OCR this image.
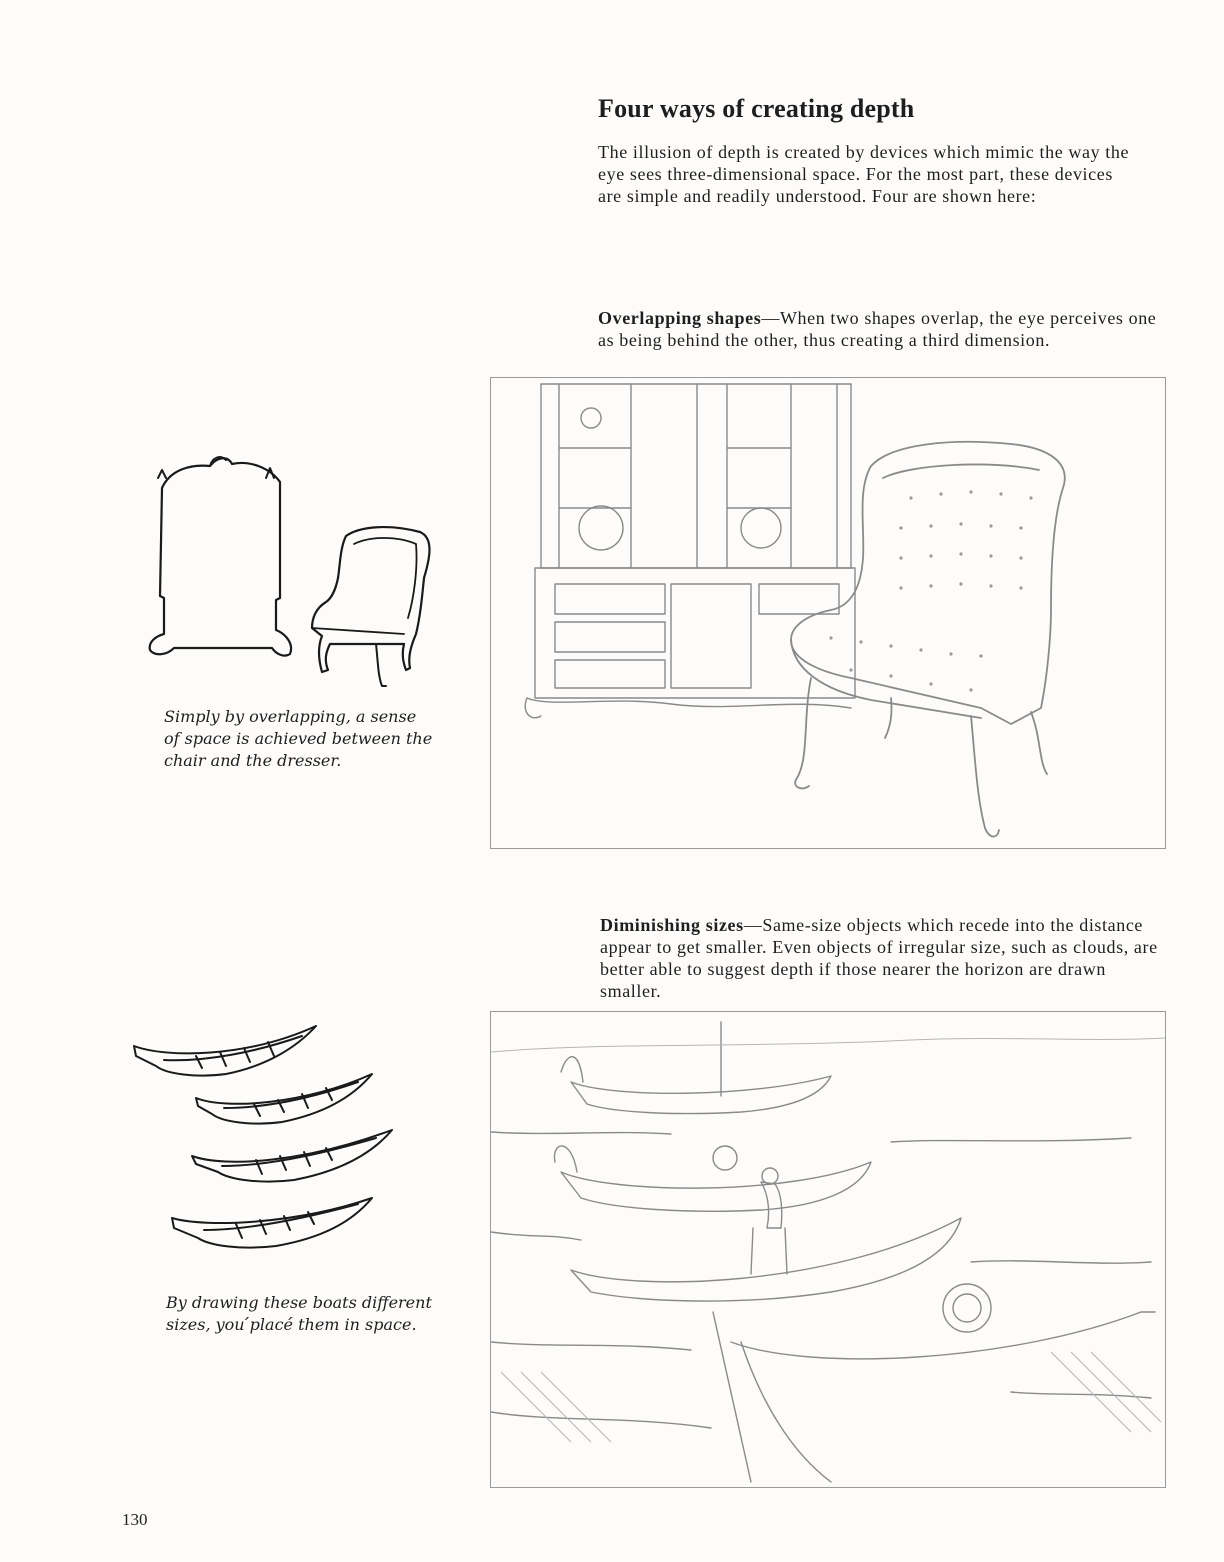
Four ways of creating depth

The illusion of depth is created by devices which mimic the way the eye sees three-dimensional space. For the most part, these devices are simple and readily understood. Four are shown here:

Overlapping shapes—When two shapes overlap, the eye perceives one as being behind the other, thus creating a third dimension.

Simply by overlapping, a sense of space is achieved between the chair and the dresser.

Diminishing sizes—Same-size objects which recede into the distance appear to get smaller. Even objects of irregular size, such as clouds, are better able to suggest depth if those nearer the horizon are drawn smaller.

By drawing these boats different sizes, you ́́placé́ them in space.

130
